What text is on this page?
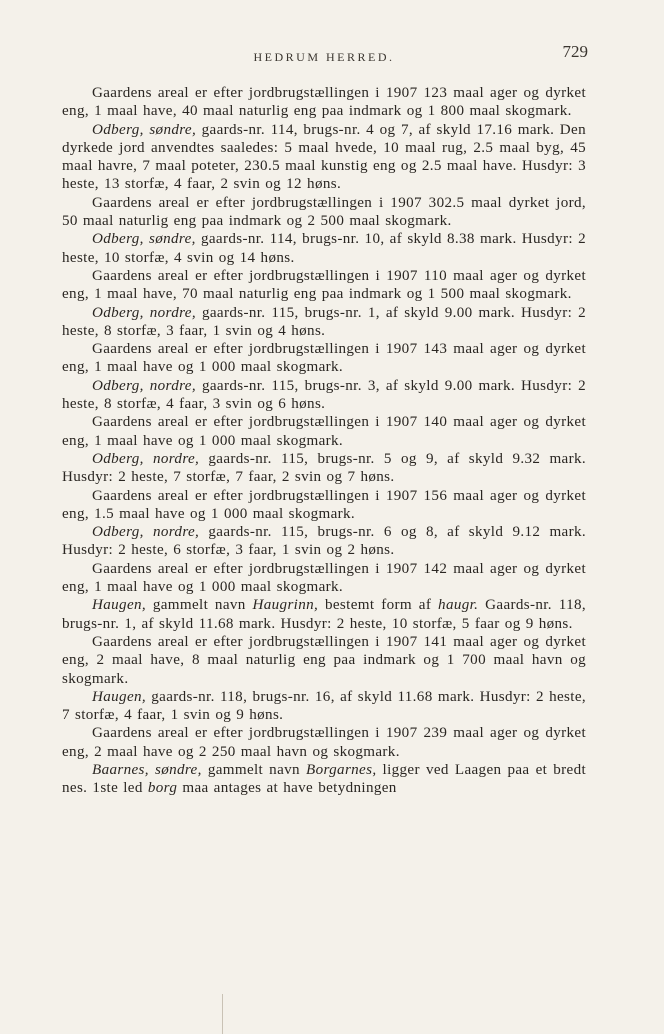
HEDRUM HERRED.	729

Gaardens areal er efter jordbrugstællingen i 1907 123 maal ager og dyrket eng, 1 maal have, 40 maal naturlig eng paa indmark og 1 800 maal skogmark.

Odberg, søndre, gaards-nr. 114, brugs-nr. 4 og 7, af skyld 17.16 mark. Den dyrkede jord anvendtes saaledes: 5 maal hvede, 10 maal rug, 2.5 maal byg, 45 maal havre, 7 maal poteter, 230.5 maal kunstig eng og 2.5 maal have. Husdyr: 3 heste, 13 storfæ, 4 faar, 2 svin og 12 høns.

Gaardens areal er efter jordbrugstællingen i 1907 302.5 maal dyrket jord, 50 maal naturlig eng paa indmark og 2 500 maal skogmark.

Odberg, søndre, gaards-nr. 114, brugs-nr. 10, af skyld 8.38 mark. Husdyr: 2 heste, 10 storfæ, 4 svin og 14 høns.

Gaardens areal er efter jordbrugstællingen i 1907 110 maal ager og dyrket eng, 1 maal have, 70 maal naturlig eng paa indmark og 1 500 maal skogmark.

Odberg, nordre, gaards-nr. 115, brugs-nr. 1, af skyld 9.00 mark. Husdyr: 2 heste, 8 storfæ, 3 faar, 1 svin og 4 høns.

Gaardens areal er efter jordbrugstællingen i 1907 143 maal ager og dyrket eng, 1 maal have og 1 000 maal skogmark.

Odberg, nordre, gaards-nr. 115, brugs-nr. 3, af skyld 9.00 mark. Husdyr: 2 heste, 8 storfæ, 4 faar, 3 svin og 6 høns.

Gaardens areal er efter jordbrugstællingen i 1907 140 maal ager og dyrket eng, 1 maal have og 1 000 maal skogmark.

Odberg, nordre, gaards-nr. 115, brugs-nr. 5 og 9, af skyld 9.32 mark. Husdyr: 2 heste, 7 storfæ, 7 faar, 2 svin og 7 høns.

Gaardens areal er efter jordbrugstællingen i 1907 156 maal ager og dyrket eng, 1.5 maal have og 1 000 maal skogmark.

Odberg, nordre, gaards-nr. 115, brugs-nr. 6 og 8, af skyld 9.12 mark. Husdyr: 2 heste, 6 storfæ, 3 faar, 1 svin og 2 høns.

Gaardens areal er efter jordbrugstællingen i 1907 142 maal ager og dyrket eng, 1 maal have og 1 000 maal skogmark.

Haugen, gammelt navn Haugrinn, bestemt form af haugr. Gaards-nr. 118, brugs-nr. 1, af skyld 11.68 mark. Husdyr: 2 heste, 10 storfæ, 5 faar og 9 høns.

Gaardens areal er efter jordbrugstællingen i 1907 141 maal ager og dyrket eng, 2 maal have, 8 maal naturlig eng paa indmark og 1 700 maal havn og skogmark.

Haugen, gaards-nr. 118, brugs-nr. 16, af skyld 11.68 mark. Husdyr: 2 heste, 7 storfæ, 4 faar, 1 svin og 9 høns.

Gaardens areal er efter jordbrugstællingen i 1907 239 maal ager og dyrket eng, 2 maal have og 2 250 maal havn og skogmark.

Baarnes, søndre, gammelt navn Borgarnes, ligger ved Laagen paa et bredt nes. 1ste led borg maa antages at have betydningen
